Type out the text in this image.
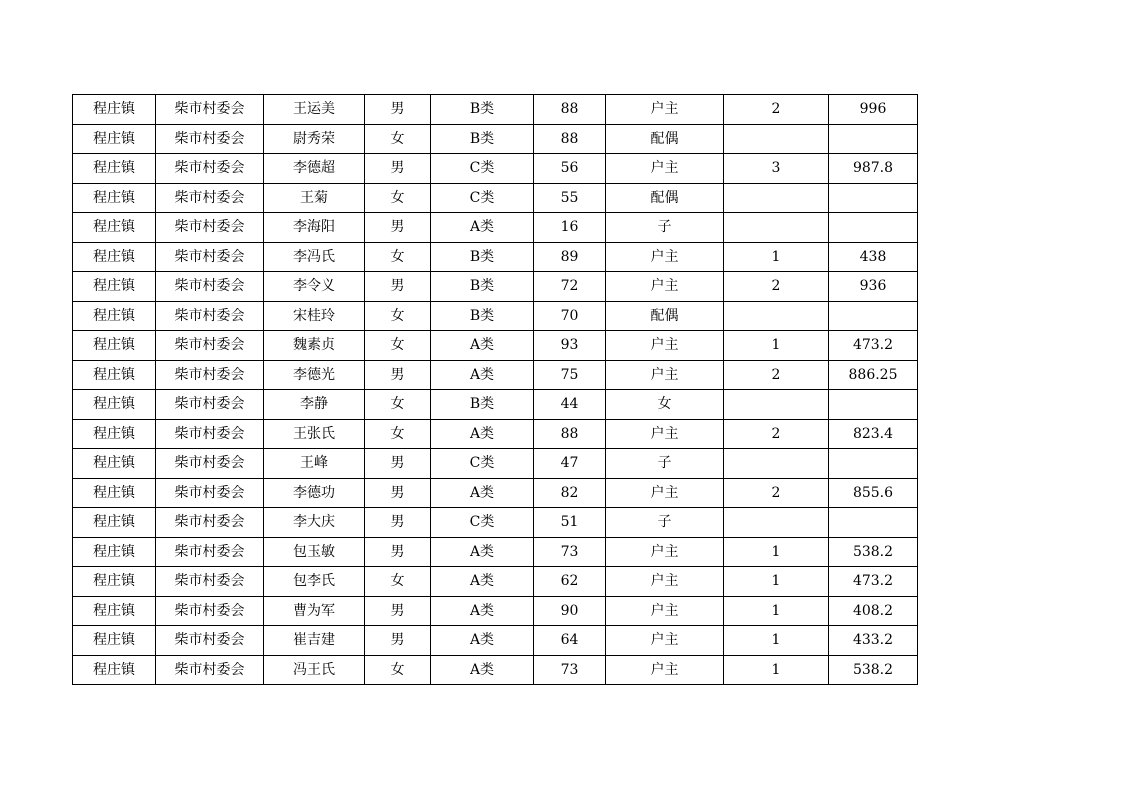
程庄镇	柴市村委会	王运美	男	B类	88	户主	2	996
程庄镇	柴市村委会	尉秀荣	女	B类	88	配偶		
程庄镇	柴市村委会	李德超	男	C类	56	户主	3	987.8
程庄镇	柴市村委会	王菊	女	C类	55	配偶		
程庄镇	柴市村委会	李海阳	男	A类	16	子		
程庄镇	柴市村委会	李冯氏	女	B类	89	户主	1	438
程庄镇	柴市村委会	李令义	男	B类	72	户主	2	936
程庄镇	柴市村委会	宋桂玲	女	B类	70	配偶		
程庄镇	柴市村委会	魏素贞	女	A类	93	户主	1	473.2
程庄镇	柴市村委会	李德光	男	A类	75	户主	2	886.25
程庄镇	柴市村委会	李静	女	B类	44	女		
程庄镇	柴市村委会	王张氏	女	A类	88	户主	2	823.4
程庄镇	柴市村委会	王峰	男	C类	47	子		
程庄镇	柴市村委会	李德功	男	A类	82	户主	2	855.6
程庄镇	柴市村委会	李大庆	男	C类	51	子		
程庄镇	柴市村委会	包玉敏	男	A类	73	户主	1	538.2
程庄镇	柴市村委会	包李氏	女	A类	62	户主	1	473.2
程庄镇	柴市村委会	曹为军	男	A类	90	户主	1	408.2
程庄镇	柴市村委会	崔吉建	男	A类	64	户主	1	433.2
程庄镇	柴市村委会	冯王氏	女	A类	73	户主	1	538.2
